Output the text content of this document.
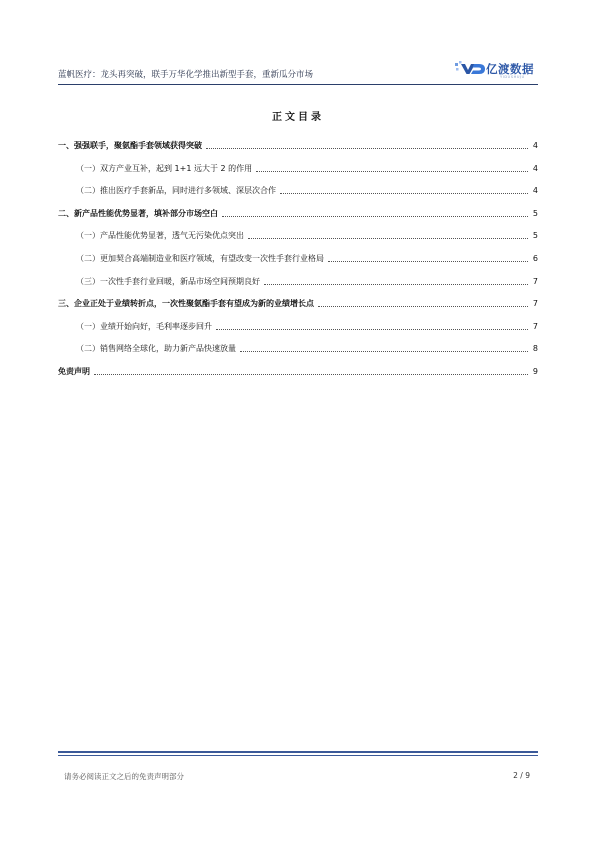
蓝帆医疗：龙头再突破，联手万华化学推出新型手套，重新瓜分市场	亿渡数据
YIDUSHUJU
正文目录
一、强强联手，聚氨酯手套领域获得突破	4
（一）双方产业互补，起到 1+1 远大于 2 的作用	4
（二）推出医疗手套新品，同时进行多领域、深层次合作	4
二、新产品性能优势显著，填补部分市场空白	5
（一）产品性能优势显著，透气无污染优点突出	5
（二）更加契合高端制造业和医疗领域，有望改变一次性手套行业格局	6
（三）一次性手套行业回暖，新品市场空间预期良好	7
三、企业正处于业绩转折点，一次性聚氨酯手套有望成为新的业绩增长点	7
（一）业绩开始向好，毛利率逐步回升	7
（二）销售网络全球化，助力新产品快速放量	8
免责声明	9
请务必阅读正文之后的免责声明部分	2 / 9
